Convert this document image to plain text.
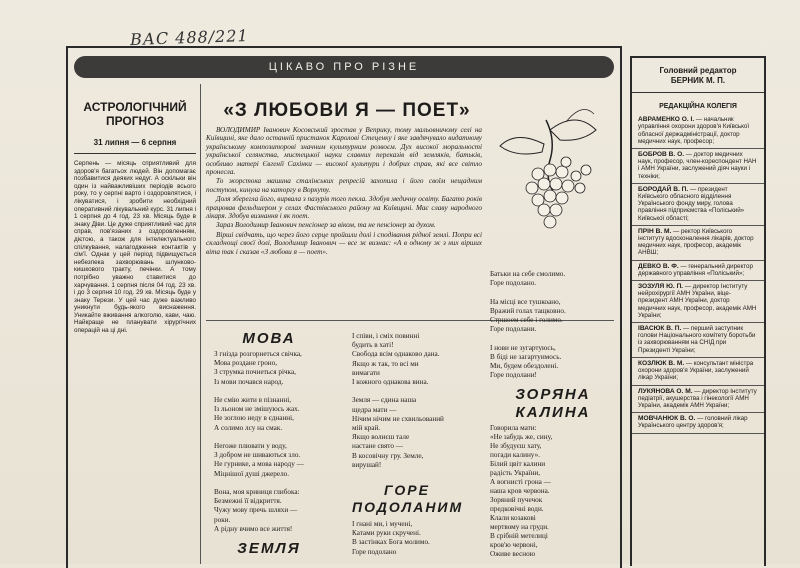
ВАС 488/221
ЦІКАВО ПРО РІЗНЕ	Головний редактор
БЕРНИК М. П.
РЕДАКЦІЙНА КОЛЕГІЯ
АВРАМЕНКО О. І. — начальник управління охорони здоров'я Київської обласної держадміністрації, доктор медичних наук, професор;
БОБРОВ В. О. — доктор медичних наук, професор, член-кореспондент НАН і АМН України, заслужений діяч науки і техніки;
БОРОДАЙ В. П. — президент Київського обласного відділення Українського фонду миру, голова правління підприємства «Поліський» Київської області;
ПРІН В. М. — ректор Київського інституту вдосконалення лікарів, доктор медичних наук, професор, академік АНВШ;
ДЕВКО В. Ф. — генеральний директор державного управління «Поліський»;
ЗОЗУЛЯ Ю. П. — директор Інституту нейрохірургії АМН України, віце-президент АМН України, доктор медичних наук, професор, академік АМН України;
ІВАСЮК В. П. — перший заступник голови Національного комітету боротьби із захворюванням на СНІД при Президенті України;
КОЗЛЮК В. М. — консультант міністра охорони здоров'я України, заслужений лікар України;
ЛУКЯНОВА О. М. — директор Інституту педіатрії, акушерства і гінекології АМН України, академік АМН України;
МОВЧАНЮК В. О. — головний лікар Українського центру здоров'я;
АСТРОЛОГІЧНИЙ ПРОГНОЗ
31 липня — 6 серпня
Серпень — місяць сприятливий для здоров'я багатьох людей. Він допомагає позбавитися деяких недуг. А оскільки він один із найважливіших періодів всього року, то у серпні варто і оздоровлятися, і лікуватися, і зробити необхідний оперативний лікувальний курс. 31 липня і 1 серпня до 4 год. 23 хв. Місяць буде в знаку Діви. Це дуже сприятливий час для справ, пов'язаних з оздоровленням, дієтою, а також для інтелектуального спілкування, налагодження контактів у сім'ї. Однак у цей період підвищується небезпека захворювань шлунково-кишкового тракту, печінки. А тому потрібно уважно ставитися до харчування. 1 серпня після 04 год. 23 хв. і до 3 серпня 10 год. 29 хв. Місяць буде у знаку Терези. У цей час дуже важливо уникнути будь-якого виснаження. Уникайте вживання алкоголю, кави, чаю. Найкраще не планувати хірургічних операцій на ці дні.
«З ЛЮБОВИ Я — ПОЕТ»

ВОЛОДИМИР Іванович Косовський зростав у Веприку, тому мальовничому селі на Київщині, яке дало останній пристанок Каролові Стеценку і яке завдячувало видатному українському композиторові значним культурним розвоєм. Дух високої моральності української селянства, мистецької науки славних переказів від земляків, батьків, особливо матері Євгенії Сахінки — високої культури і добрих справ, які все світло пронесла.

То жорстока машина сталінських репресій захопила і його своїм нещадним поступом, кинула на каторгу в Воркуту.

Доля зберегла його, вирвала з пазурів того пекла. Здобув медичну освіту. Багато років працював фельдшером у селах Фастівського району на Київщині. Має славу народного лікаря. Здобув визнання і як поет.

Зараз Володимир Іванович пенсіонер за віком, та не пенсіонер за духом.

Вірші свідчать, що через його серце пройшли долі і сподівання рідної землі. Попри всі складнощі своєї долі, Володимир Іванович — все ж визнає: «А в одному ж з них вірших віта так і сказав «З любови я — поет».

МОВА
З гнізда розгорнеться свічка,
Мова роздане гроно,
З струмка почнеться річка,
Із мови почався народ.

Не смію жити в пізнанні,
Із льоном не змішуюсь жах.
Не зоглою неду в єднанні,
А солимо лсу на смак.

Негоже плювати у воду,
З добром не шиваються зло.
Не гурнике, а мова народу —
Міцнішої душі джерело.

Вона, моя криниця глибока:
Безмежні її відкриття.
Чужу мову пречь шляхи —
роки.
А рідну вчимо все життя!
І співи, і сміх повинні
будить в хаті!
Свобода всім однаково дана.
Якщо ж так, то всі ми
вимагати
І кожного однакова вина.

Земля — єдина наша
щедра мати —
Нічим нічим не схвильований
мій край.
Якщо волиєш тале
настане свято —
В косовічну гру. Земле,
вирушай!
ГОРЕ ПОДОЛАНИМ
І гнані ми, і мучені,
Катами руки скручені.
В застінках Бога молимо.
Горе подолано
ЗЕМЛЯ
Батьки на себе смолимо.
Горе подолано.

На місці все тушкоано,
Вражий голах тащковно.
Стршоем себе і голимо.
Горе подолани.

І нови не зугартуюсь,
В біді не загартуимось.
Ми, будем обездолені.
Горе подолани!
ЗОРЯНА КАЛИНА
Говорила мати:
«Не забудь же, сину,
Не збудуєш хату,
погади калину».
Білий цвіт калини
радість України,
А вогнисті грона —
наша кров червона.
Зоряний пучечок
предковічні води.
Клали козакові
мертвому на груди.
В срібній метелиці
кров'ю червоні,
Оживе весною
